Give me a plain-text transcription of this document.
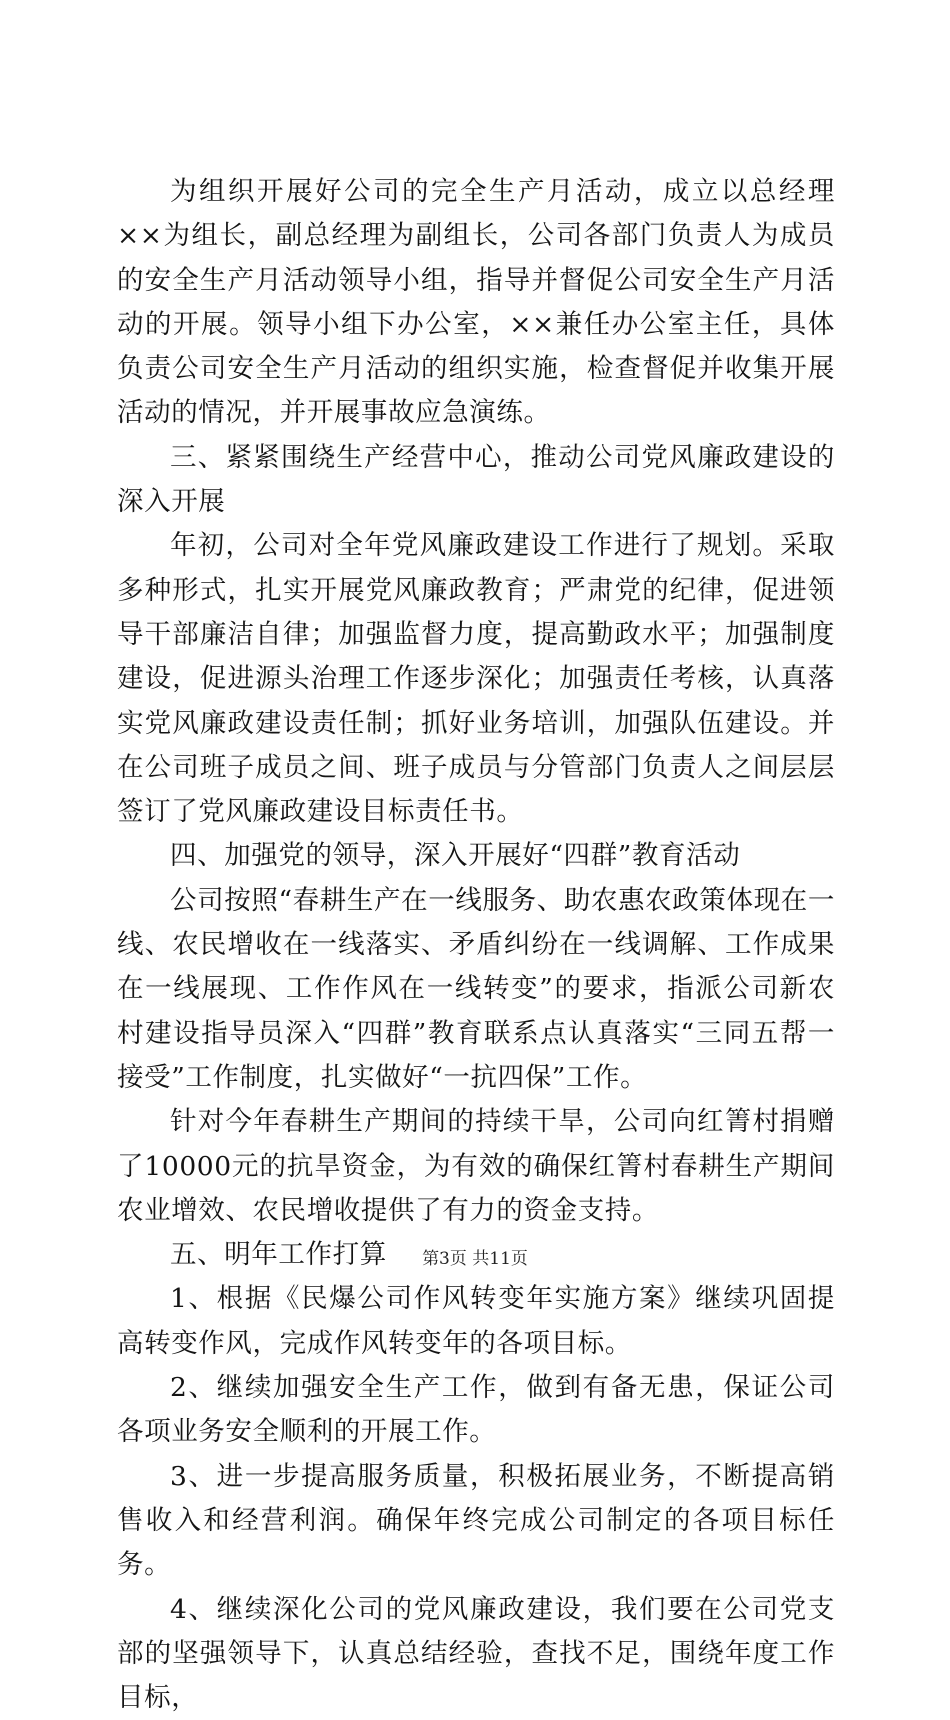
为组织开展好公司的完全生产月活动，成立以总经理××为组长，副总经理为副组长，公司各部门负责人为成员的安全生产月活动领导小组，指导并督促公司安全生产月活动的开展。领导小组下办公室，××兼任办公室主任，具体负责公司安全生产月活动的组织实施，检查督促并收集开展活动的情况，并开展事故应急演练。

三、紧紧围绕生产经营中心，推动公司党风廉政建设的深入开展

年初，公司对全年党风廉政建设工作进行了规划。采取多种形式，扎实开展党风廉政教育；严肃党的纪律，促进领导干部廉洁自律；加强监督力度，提高勤政水平；加强制度建设，促进源头治理工作逐步深化；加强责任考核，认真落实党风廉政建设责任制；抓好业务培训，加强队伍建设。并在公司班子成员之间、班子成员与分管部门负责人之间层层签订了党风廉政建设目标责任书。

四、加强党的领导，深入开展好“四群”教育活动

公司按照“春耕生产在一线服务、助农惠农政策体现在一线、农民增收在一线落实、矛盾纠纷在一线调解、工作成果在一线展现、工作作风在一线转变”的要求，指派公司新农村建设指导员深入“四群”教育联系点认真落实“三同五帮一接受”工作制度，扎实做好“一抗四保”工作。

针对今年春耕生产期间的持续干旱，公司向红箐村捐赠了10000元的抗旱资金，为有效的确保红箐村春耕生产期间农业增效、农民增收提供了有力的资金支持。

五、明年工作打算

1、根据《民爆公司作风转变年实施方案》继续巩固提高转变作风，完成作风转变年的各项目标。

2、继续加强安全生产工作，做到有备无患，保证公司各项业务安全顺利的开展工作。

3、进一步提高服务质量，积极拓展业务，不断提高销售收入和经营利润。确保年终完成公司制定的各项目标任务。

4、继续深化公司的党风廉政建设，我们要在公司党支部的坚强领导下，认真总结经验，查找不足，围绕年度工作目标，

第3页 共11页
